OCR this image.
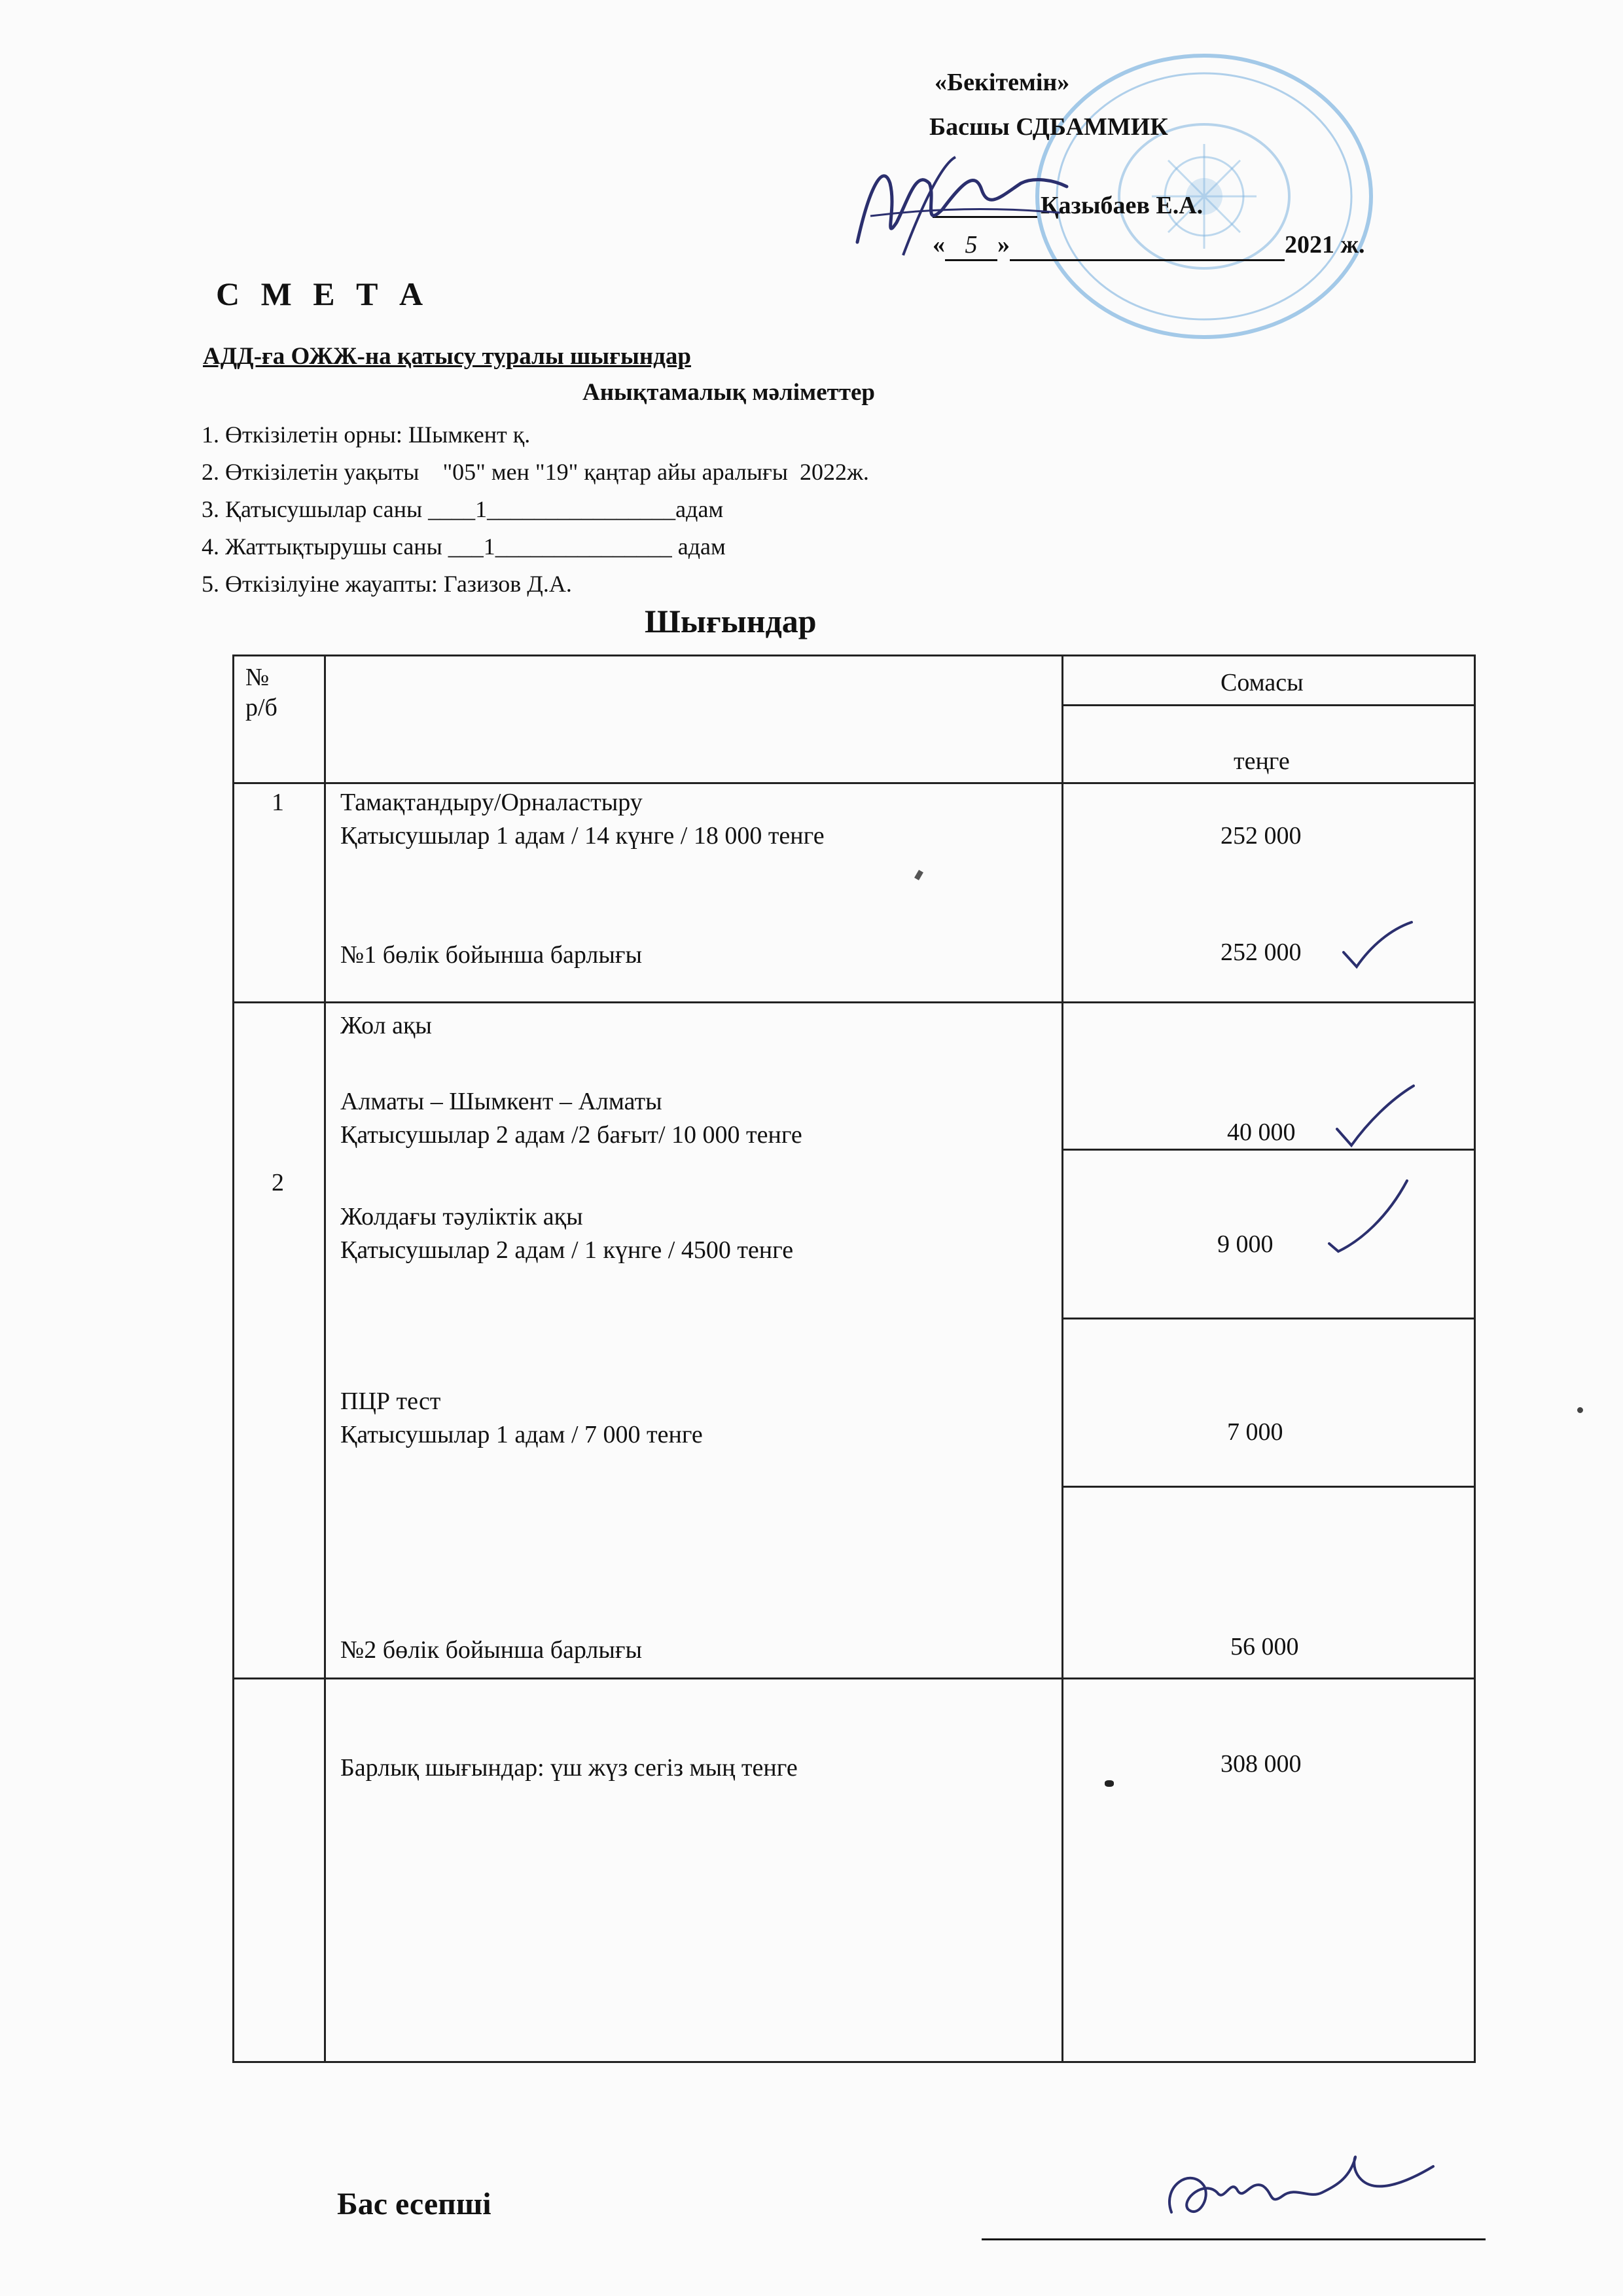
«Бекітемін»
Басшы СДБАММИК
Қазыбаев Е.А.
« 5 »	2021 ж.
С М Е Т А
АДД-ға ОЖЖ-на қатысу туралы шығындар
Анықтамалық мәліметтер
1. Өткізілетін орны: Шымкент қ.
2. Өткізілетін уақыты    "05" мен "19" қаңтар айы аралығы  2022ж.
3. Қатысушылар саны ____1________________адам
4. Жаттықтырушы саны ___1_______________ адам
5. Өткізілуіне жауапты: Газизов Д.А.
Шығындар
№
р/б
Сомасы
теңге
1 Тамақтандыру/Орналастыру
Қатысушылар 1 адам / 14 күнге / 18 000 тенге	252 000
№1 бөлік бойынша барлығы	252 000
2
Жол ақы
Алматы – Шымкент – Алматы
Қатысушылар 2 адам /2 бағыт/ 10 000 тенге	40 000
Жолдағы тәуліктік ақы
Қатысушылар 2 адам / 1 күнге / 4500 тенге	9 000
ПЦР тест
Қатысушылар 1 адам / 7 000 тенге	7 000
№2 бөлік бойынша барлығы	56 000
Барлық шығындар: үш жүз сегіз мың тенге	308 000
Бас есепші
